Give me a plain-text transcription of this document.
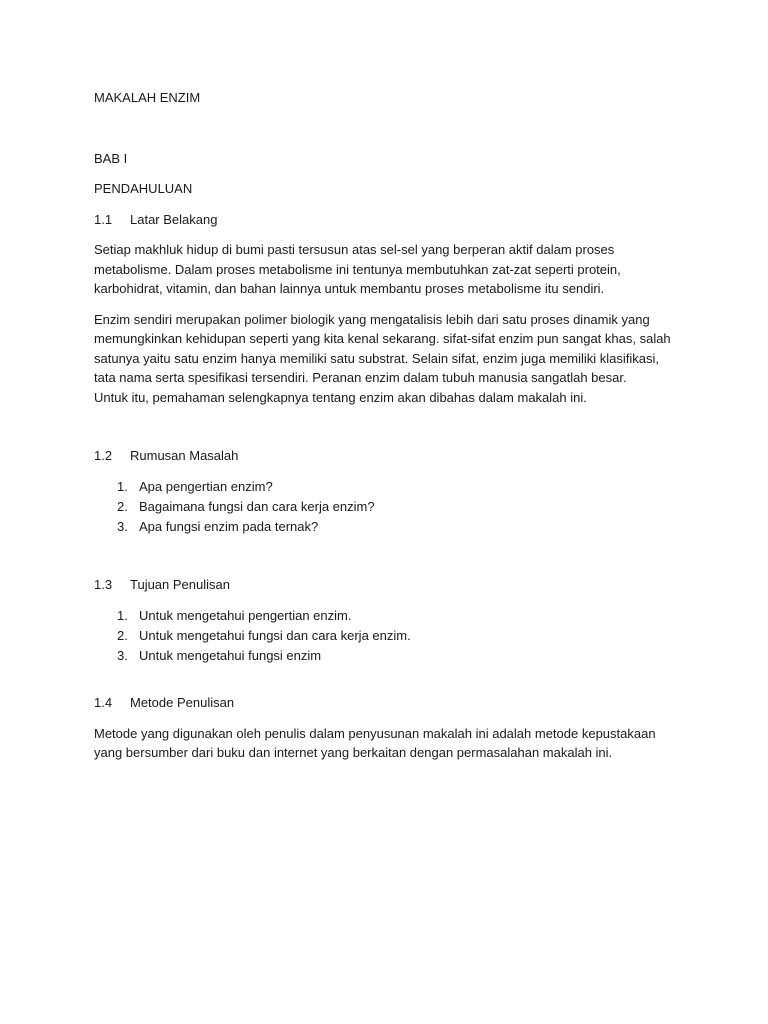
MAKALAH ENZIM
BAB I
PENDAHULUAN
1.1	Latar Belakang
Setiap makhluk hidup di bumi pasti tersusun atas sel-sel yang berperan aktif dalam proses
metabolisme. Dalam proses metabolisme ini tentunya membutuhkan zat-zat seperti protein,
karbohidrat, vitamin, dan bahan lainnya untuk membantu proses metabolisme itu sendiri.
Enzim sendiri merupakan polimer biologik yang mengatalisis lebih dari satu proses dinamik yang
memungkinkan kehidupan seperti yang kita kenal sekarang. sifat-sifat enzim pun sangat khas, salah
satunya yaitu satu enzim hanya memiliki satu substrat. Selain sifat, enzim juga memiliki klasifikasi,
tata nama serta spesifikasi tersendiri. Peranan enzim dalam tubuh manusia sangatlah besar.
Untuk itu, pemahaman selengkapnya tentang enzim akan dibahas dalam makalah ini.
1.2	Rumusan Masalah
1. Apa pengertian enzim?
2. Bagaimana fungsi dan cara kerja enzim?
3. Apa fungsi enzim pada ternak?
1.3	Tujuan Penulisan
1. Untuk mengetahui pengertian enzim.
2. Untuk mengetahui fungsi dan cara kerja enzim.
3. Untuk mengetahui fungsi enzim
1.4	Metode Penulisan
Metode yang digunakan oleh penulis dalam penyusunan makalah ini adalah metode kepustakaan
yang bersumber dari buku dan internet yang berkaitan dengan permasalahan makalah ini.
